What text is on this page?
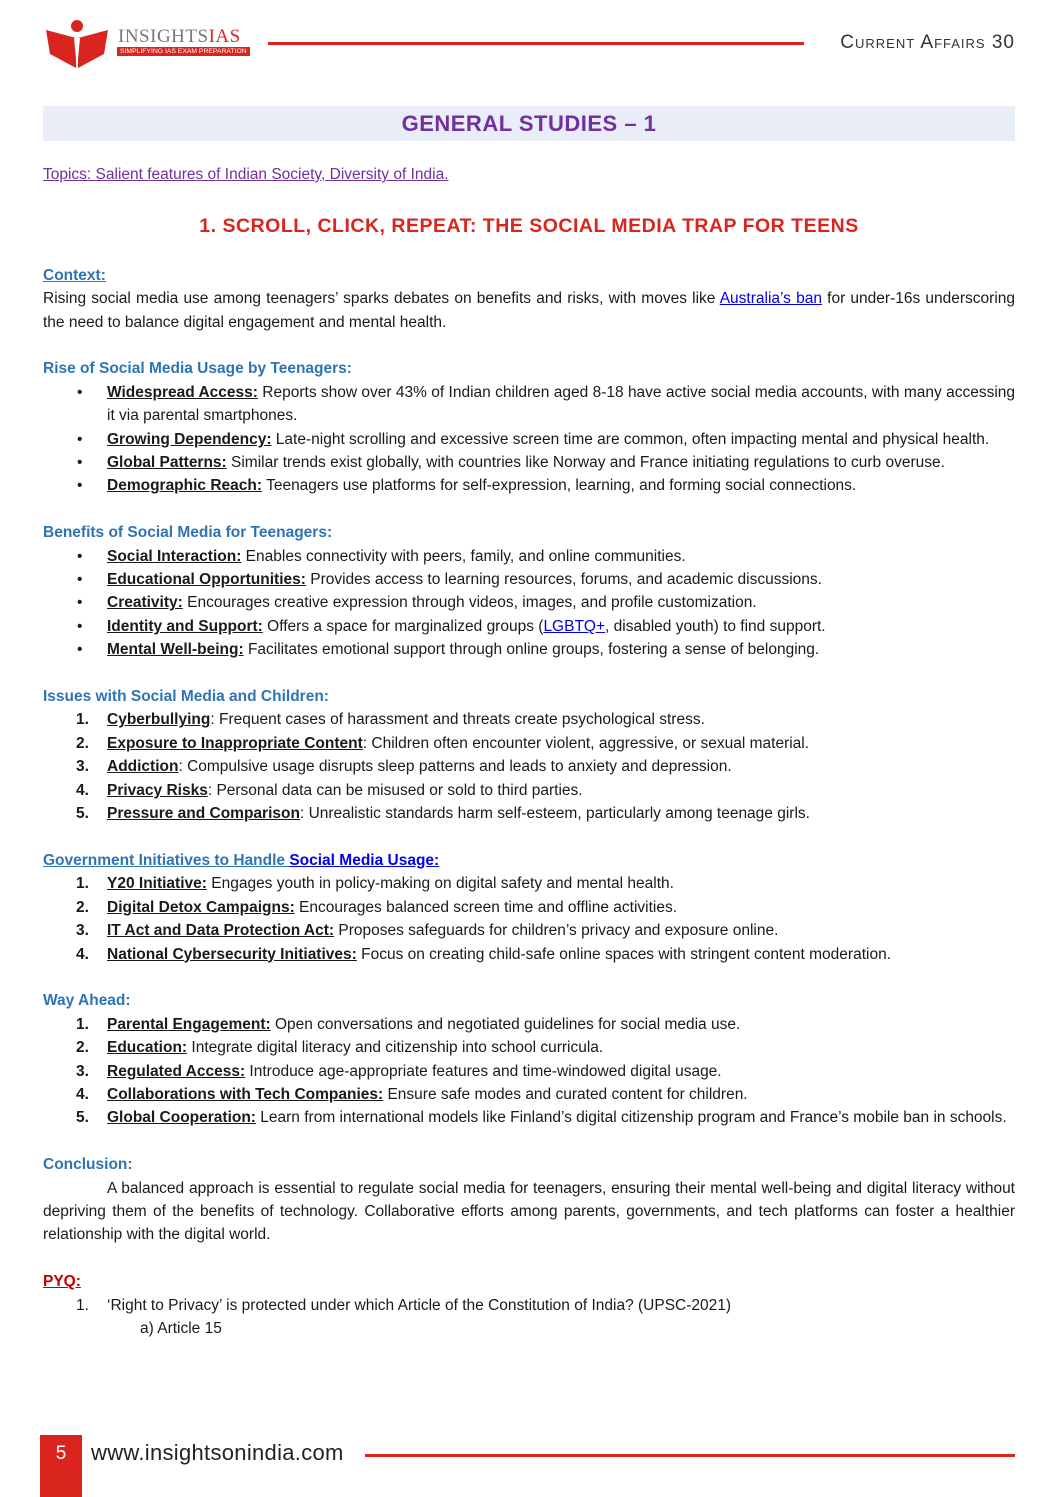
INSIGHTSIAS
SIMPLIFYING IAS EXAM PREPARATION	Current Affairs 30
GENERAL STUDIES – 1
Topics: Salient features of Indian Society, Diversity of India.
1. SCROLL, CLICK, REPEAT: THE SOCIAL MEDIA TRAP FOR TEENS
Context:
Rising social media use among teenagers’ sparks debates on benefits and risks, with moves like Australia’s ban for under-16s underscoring the need to balance digital engagement and mental health.
Rise of Social Media Usage by Teenagers:
• Widespread Access: Reports show over 43% of Indian children aged 8-18 have active social media accounts, with many accessing it via parental smartphones.
• Growing Dependency: Late-night scrolling and excessive screen time are common, often impacting mental and physical health.
• Global Patterns: Similar trends exist globally, with countries like Norway and France initiating regulations to curb overuse.
• Demographic Reach: Teenagers use platforms for self-expression, learning, and forming social connections.
Benefits of Social Media for Teenagers:
• Social Interaction: Enables connectivity with peers, family, and online communities.
• Educational Opportunities: Provides access to learning resources, forums, and academic discussions.
• Creativity: Encourages creative expression through videos, images, and profile customization.
• Identity and Support: Offers a space for marginalized groups (LGBTQ+, disabled youth) to find support.
• Mental Well-being: Facilitates emotional support through online groups, fostering a sense of belonging.
Issues with Social Media and Children:
1. Cyberbullying: Frequent cases of harassment and threats create psychological stress.
2. Exposure to Inappropriate Content: Children often encounter violent, aggressive, or sexual material.
3. Addiction: Compulsive usage disrupts sleep patterns and leads to anxiety and depression.
4. Privacy Risks: Personal data can be misused or sold to third parties.
5. Pressure and Comparison: Unrealistic standards harm self-esteem, particularly among teenage girls.
Government Initiatives to Handle Social Media Usage:
1. Y20 Initiative: Engages youth in policy-making on digital safety and mental health.
2. Digital Detox Campaigns: Encourages balanced screen time and offline activities.
3. IT Act and Data Protection Act: Proposes safeguards for children’s privacy and exposure online.
4. National Cybersecurity Initiatives: Focus on creating child-safe online spaces with stringent content moderation.
Way Ahead:
1. Parental Engagement: Open conversations and negotiated guidelines for social media use.
2. Education: Integrate digital literacy and citizenship into school curricula.
3. Regulated Access: Introduce age-appropriate features and time-windowed digital usage.
4. Collaborations with Tech Companies: Ensure safe modes and curated content for children.
5. Global Cooperation: Learn from international models like Finland’s digital citizenship program and France’s mobile ban in schools.
Conclusion:
A balanced approach is essential to regulate social media for teenagers, ensuring their mental well-being and digital literacy without depriving them of the benefits of technology. Collaborative efforts among parents, governments, and tech platforms can foster a healthier relationship with the digital world.
PYQ:
1. ‘Right to Privacy’ is protected under which Article of the Constitution of India? (UPSC-2021)
a) Article 15
5	www.insightsonindia.com
